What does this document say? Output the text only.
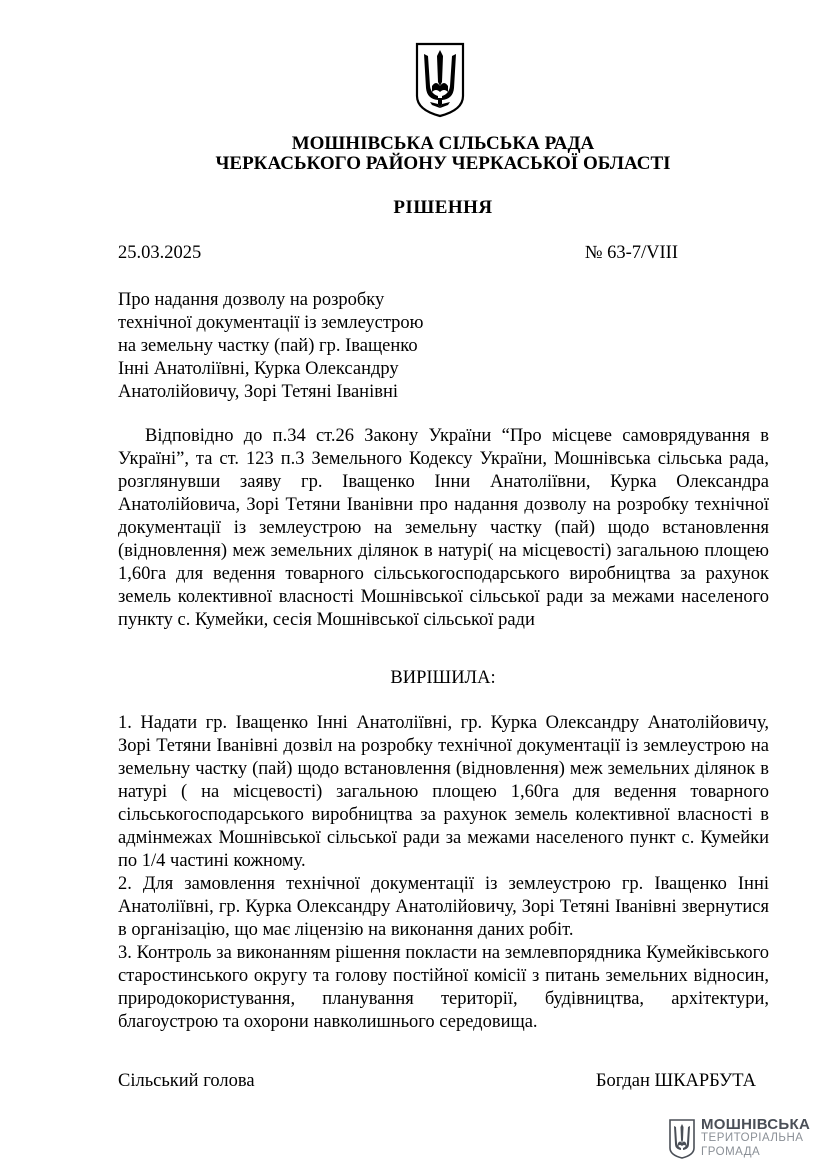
МОШНІВСЬКА СІЛЬСЬКА РАДА
ЧЕРКАСЬКОГО РАЙОНУ ЧЕРКАСЬКОЇ ОБЛАСТІ
РІШЕННЯ
25.03.2025	№ 63-7/VIII
Про надання дозволу на розробку
технічної документації із землеустрою
на земельну частку (пай) гр. Іващенко
Інні Анатоліївні, Курка Олександру
Анатолійовичу, Зорі Тетяні Іванівні
Відповідно до п.34 ст.26 Закону України “Про місцеве самоврядування в Україні”, та ст. 123 п.3 Земельного Кодексу України, Мошнівська сільська рада, розглянувши заяву гр. Іващенко Інни Анатоліївни, Курка Олександра Анатолійовича, Зорі Тетяни Іванівни про надання дозволу на розробку технічної документації із землеустрою на земельну частку (пай) щодо встановлення (відновлення) меж земельних ділянок в натурі( на місцевості) загальною площею 1,60га для ведення товарного сільськогосподарського виробництва за рахунок земель колективної власності Мошнівської сільської ради за межами населеного пункту с. Кумейки, сесія Мошнівської сільської ради
ВИРІШИЛА:

1. Надати гр. Іващенко Інні Анатоліївні, гр. Курка Олександру Анатолійовичу, Зорі Тетяни Іванівні дозвіл на розробку технічної документації із землеустрою на земельну частку (пай) щодо встановлення (відновлення) меж земельних ділянок в натурі ( на місцевості) загальною площею 1,60га для ведення товарного сільськогосподарського виробництва за рахунок земель колективної власності в адмінмежах Мошнівської сільської ради за межами населеного пункт с. Кумейки по 1/4 частині кожному.

2. Для замовлення технічної документації із землеустрою гр. Іващенко Інні Анатоліївні, гр. Курка Олександру Анатолійовичу, Зорі Тетяні Іванівні звернутися в організацію, що має ліцензію на виконання даних робіт.

3. Контроль за виконанням рішення покласти на землевпорядника Кумейківського старостинського округу та голову постійної комісії з питань земельних відносин, природокористування, планування території, будівництва, архітектури, благоустрою та охорони навколишнього середовища.

Сільський голова	Богдан ШКАРБУТА
МОШНІВСЬКА
ТЕРИТОРІАЛЬНА
ГРОМАДА
